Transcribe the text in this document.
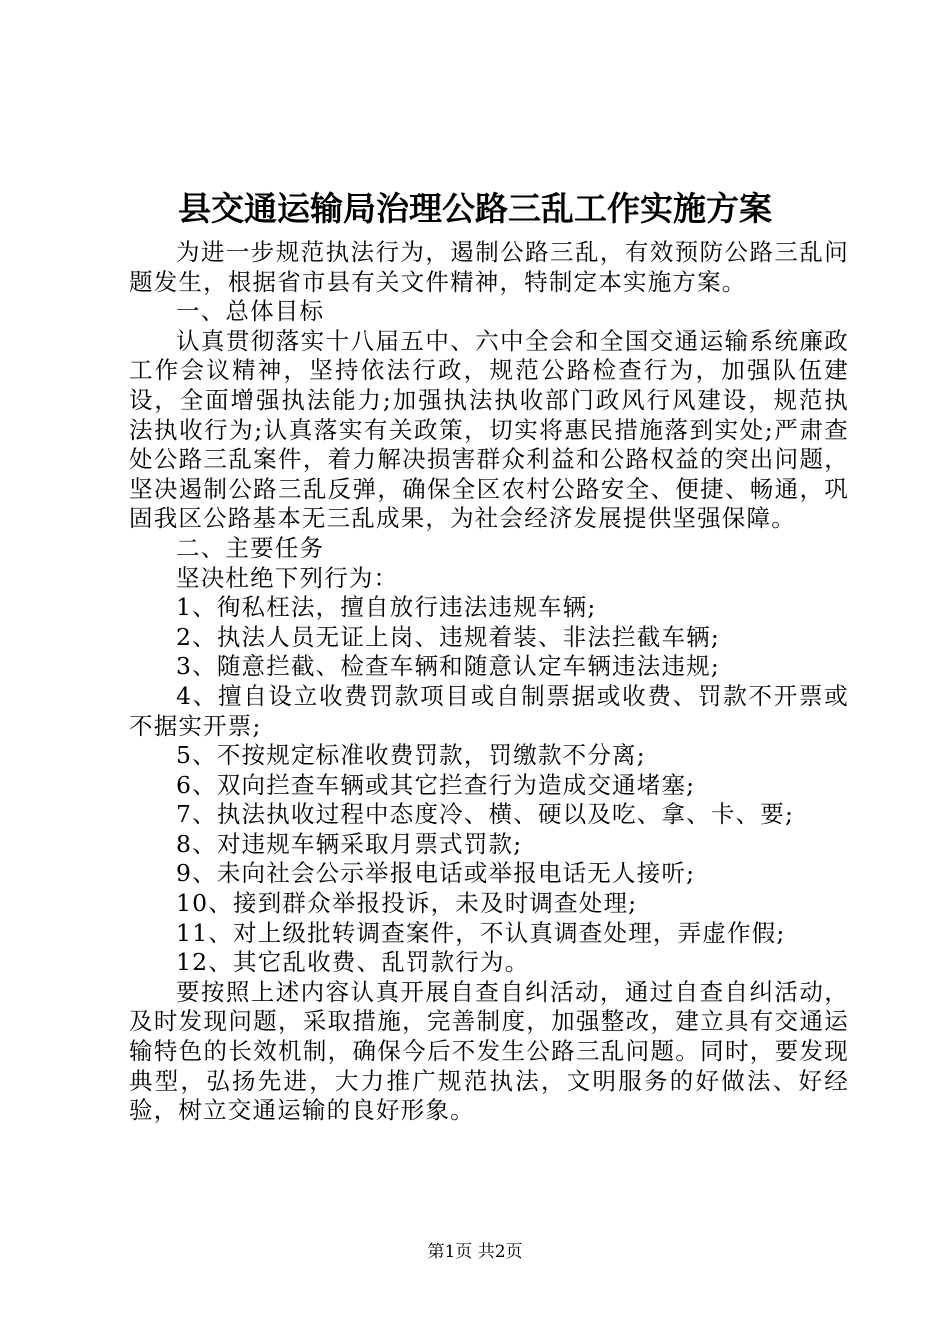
县交通运输局治理公路三乱工作实施方案

为进一步规范执法行为，遏制公路三乱，有效预防公路三乱问题发生，根据省市县有关文件精神，特制定本实施方案。

一、总体目标

认真贯彻落实十八届五中、六中全会和全国交通运输系统廉政工作会议精神，坚持依法行政，规范公路检查行为，加强队伍建设，全面增强执法能力;加强执法执收部门政风行风建设，规范执法执收行为;认真落实有关政策，切实将惠民措施落到实处;严肃查处公路三乱案件，着力解决损害群众利益和公路权益的突出问题，坚决遏制公路三乱反弹，确保全区农村公路安全、便捷、畅通，巩固我区公路基本无三乱成果，为社会经济发展提供坚强保障。

二、主要任务

坚决杜绝下列行为：

1、徇私枉法，擅自放行违法违规车辆;

2、执法人员无证上岗、违规着装、非法拦截车辆;

3、随意拦截、检查车辆和随意认定车辆违法违规;

4、擅自设立收费罚款项目或自制票据或收费、罚款不开票或不据实开票;

5、不按规定标准收费罚款，罚缴款不分离;

6、双向拦查车辆或其它拦查行为造成交通堵塞;

7、执法执收过程中态度冷、横、硬以及吃、拿、卡、要;

8、对违规车辆采取月票式罚款;

9、未向社会公示举报电话或举报电话无人接听;

10、接到群众举报投诉，未及时调查处理;

11、对上级批转调查案件，不认真调查处理，弄虚作假;

12、其它乱收费、乱罚款行为。

要按照上述内容认真开展自查自纠活动，通过自查自纠活动，及时发现问题，采取措施，完善制度，加强整改，建立具有交通运输特色的长效机制，确保今后不发生公路三乱问题。同时，要发现典型，弘扬先进，大力推广规范执法，文明服务的好做法、好经验，树立交通运输的良好形象。

第1页 共2页
